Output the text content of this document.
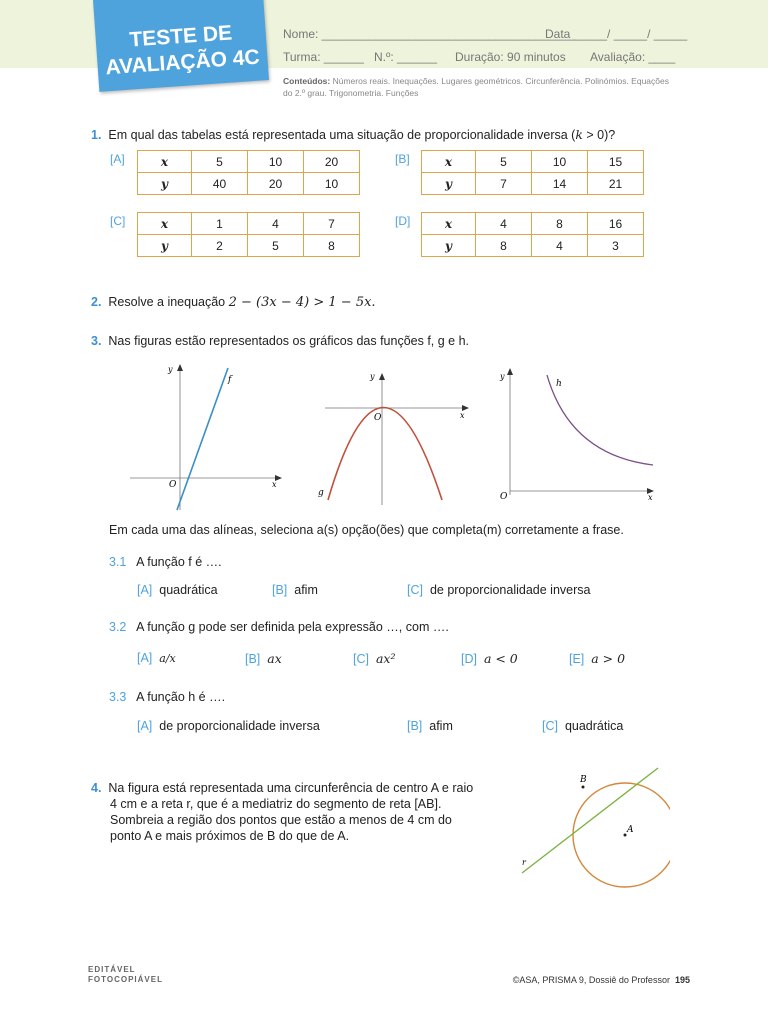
TESTE DE
AVALIAÇÃO 4C
Nome: ______________________________________
Data _____/ _____/ _____
Turma: ______ N.º: ______ Duração: 90 minutos Avaliação: ____
Conteúdos: Números reais. Inequações. Lugares geométricos. Circunferência. Polinómios. Equações do 2.º grau. Trigonometria. Funções
1. Em qual das tabelas está representada uma situação de proporcionalidade inversa (k > 0)?
[A]	x	5	10	20
y	40	20	10
[B]	x	5	10	15
y	7	14	21
[C]	x	1	4	7
y	2	5	8
[D]	x	4	8	16
y	8	4	3
2. Resolve a inequação 2 − (3x − 4) > 1 − 5x.
3. Nas figuras estão representados os gráficos das funções f, g e h.
y
x
f
O
y
x
O
g
y
x
O
h
Em cada uma das alíneas, seleciona a(s) opção(ões) que completa(m) corretamente a frase.
3.1 A função f é ….
[A] quadrática	[B] afim	[C] de proporcionalidade inversa
3.2 A função g pode ser definida pela expressão …, com ….
[A] a/x	[B] ax	[C] ax²	[D] a < 0	[E] a > 0
3.3 A função h é ….
[A] de proporcionalidade inversa	[B] afim	[C] quadrática
4. Na figura está representada uma circunferência de centro A e raio
4 cm e a reta r, que é a mediatriz do segmento de reta [AB].
Sombreia a região dos pontos que estão a menos de 4 cm do
ponto A e mais próximos de B do que de A.	A
B
r
EDITÁVEL
FOTOCOPIÁVEL	©ASA, PRISMA 9, Dossiê do Professor 195
